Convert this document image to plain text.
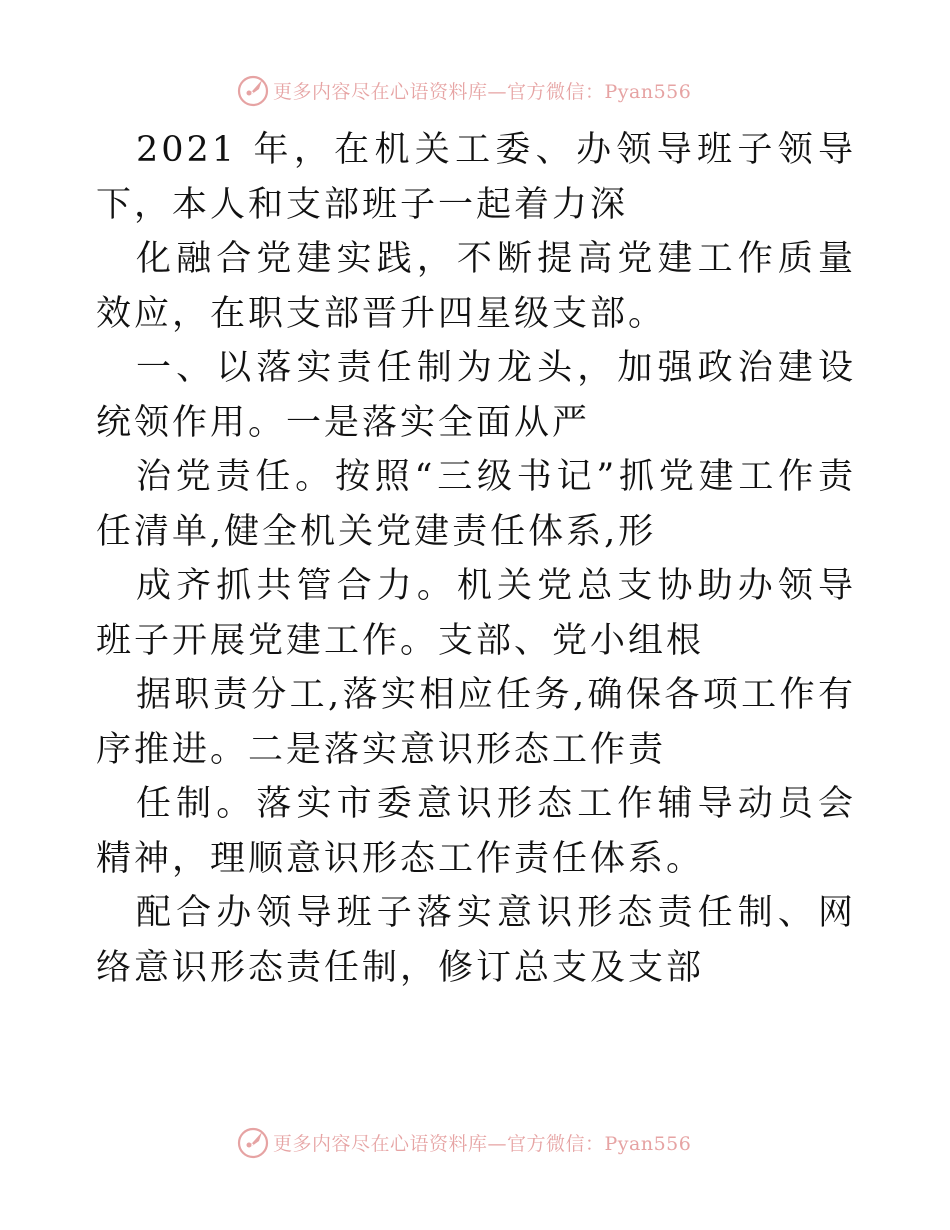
更多内容尽在心语资料库—官方微信：Pyan556

2021 年，在机关工委、办领导班子领导下，本人和支部班子一起着力深

化融合党建实践，不断提高党建工作质量效应，在职支部晋升四星级支部。

一、以落实责任制为龙头，加强政治建设统领作用。一是落实全面从严

治党责任。按照“三级书记”抓党建工作责任清单,健全机关党建责任体系,形

成齐抓共管合力。机关党总支协助办领导班子开展党建工作。支部、党小组根

据职责分工,落实相应任务,确保各项工作有序推进。二是落实意识形态工作责

任制。落实市委意识形态工作辅导动员会精神，理顺意识形态工作责任体系。

配合办领导班子落实意识形态责任制、网络意识形态责任制，修订总支及支部

更多内容尽在心语资料库—官方微信：Pyan556
